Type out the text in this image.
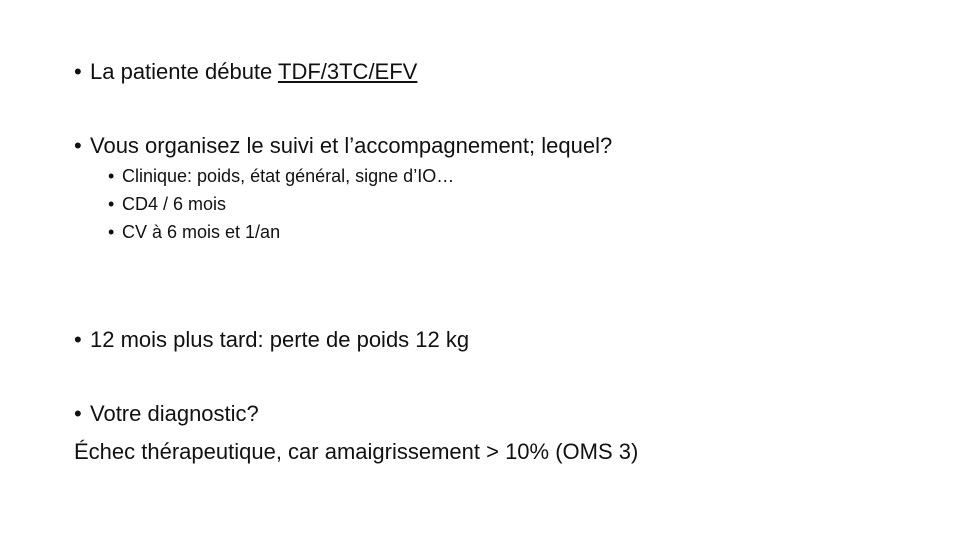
• La patiente débute TDF/3TC/EFV
• Vous organisez le suivi et l’accompagnement; lequel?
• Clinique: poids, état général, signe d’IO…
• CD4 / 6 mois
• CV à 6 mois et 1/an
• 12 mois plus tard: perte de poids 12 kg
• Votre diagnostic?
Échec thérapeutique, car amaigrissement > 10% (OMS 3)
